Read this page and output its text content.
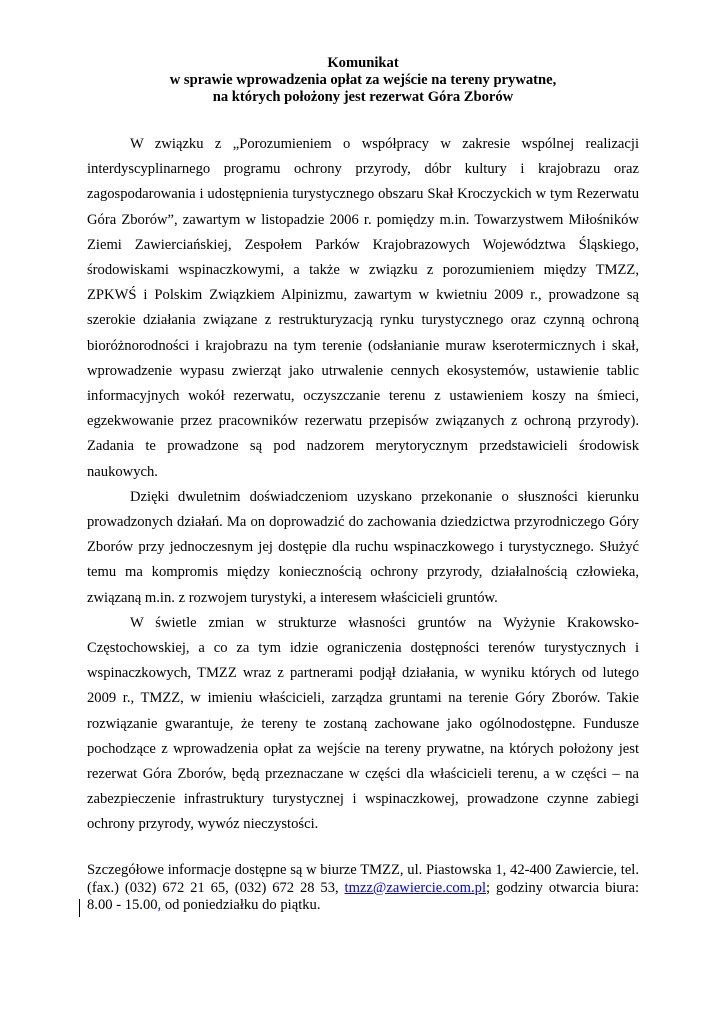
Komunikat
w sprawie wprowadzenia opłat za wejście na tereny prywatne,
na których położony jest rezerwat Góra Zborów

W związku z „Porozumieniem o współpracy w zakresie wspólnej realizacji interdyscyplinarnego programu ochrony przyrody, dóbr kultury i krajobrazu oraz zagospodarowania i udostępnienia turystycznego obszaru Skał Kroczyckich w tym Rezerwatu Góra Zborów”, zawartym w listopadzie 2006 r. pomiędzy m.in. Towarzystwem Miłośników Ziemi Zawierciańskiej, Zespołem Parków Krajobrazowych Województwa Śląskiego, środowiskami wspinaczkowymi, a także w związku z porozumieniem między TMZZ, ZPKWŚ i Polskim Związkiem Alpinizmu, zawartym w kwietniu 2009 r., prowadzone są szerokie działania związane z restrukturyzacją rynku turystycznego oraz czynną ochroną bioróżnorodności i krajobrazu na tym terenie (odsłanianie muraw kserotermicznych i skał, wprowadzenie wypasu zwierząt jako utrwalenie cennych ekosystemów, ustawienie tablic informacyjnych wokół rezerwatu, oczyszczanie terenu z ustawieniem koszy na śmieci, egzekwowanie przez pracowników rezerwatu przepisów związanych z ochroną przyrody). Zadania te prowadzone są pod nadzorem merytorycznym przedstawicieli środowisk naukowych.

Dzięki dwuletnim doświadczeniom uzyskano przekonanie o słuszności kierunku prowadzonych działań. Ma on doprowadzić do zachowania dziedzictwa przyrodniczego Góry Zborów przy jednoczesnym jej dostępie dla ruchu wspinaczkowego i turystycznego. Służyć temu ma kompromis między koniecznością ochrony przyrody, działalnością człowieka, związaną m.in. z rozwojem turystyki, a interesem właścicieli gruntów.

W świetle zmian w strukturze własności gruntów na Wyżynie Krakowsko-Częstochowskiej, a co za tym idzie ograniczenia dostępności terenów turystycznych i wspinaczkowych, TMZZ wraz z partnerami podjął działania, w wyniku których od lutego 2009 r., TMZZ, w imieniu właścicieli, zarządza gruntami na terenie Góry Zborów. Takie rozwiązanie gwarantuje, że tereny te zostaną zachowane jako ogólnodostępne. Fundusze pochodzące z wprowadzenia opłat za wejście na tereny prywatne, na których położony jest rezerwat Góra Zborów, będą przeznaczane w części dla właścicieli terenu, a w części – na zabezpieczenie infrastruktury turystycznej i wspinaczkowej, prowadzone czynne zabiegi ochrony przyrody, wywóz nieczystości.

Szczegółowe informacje dostępne są w biurze TMZZ, ul. Piastowska 1, 42-400 Zawiercie, tel. (fax.) (032) 672 21 65, (032) 672 28 53, tmzz@zawiercie.com.pl; godziny otwarcia biura: 8.00 - 15.00, od poniedziałku do piątku.
